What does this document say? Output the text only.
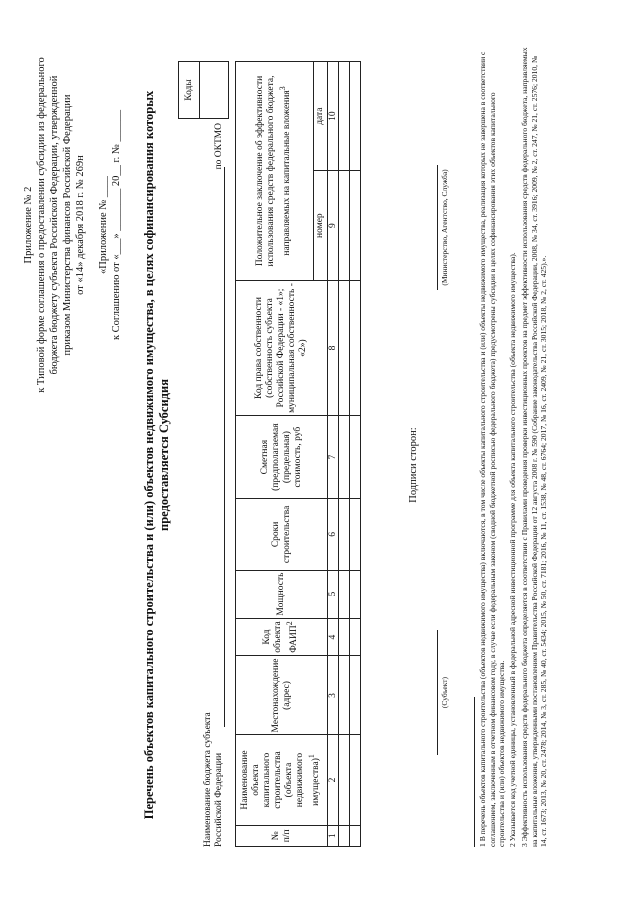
Приложение № 2 к Типовой форме соглашения о предоставлении субсидии из федерального бюджета бюджету субъекта Российской Федерации, утвержденной приказом Министерства финансов Российской Федерации от «14» декабря 2018 г. № 269н «Приложение № ____ к Соглашению от «___» ________ 20__ г. № ______ Перечень объектов капитального строительства и (или) объектов недвижимого имущества, в целях софинансирования которых предоставляется Субсидия
Коды

Наименование бюджета субъекта Российской Федерации
по ОКТМО
№ п/п	Наименование объекта капитального строительства (объекта недвижимого имущества)$^1$	Местонахождение (адрес)	Код объекта ФАИП$^2$	Мощность	Сроки строительства	Сметная (предполагаемая (предельная) стоимость, руб	Код права собственности (собственность субъекта Российской Федерации - «1»; муниципальная собственность - «2»)	Положительное заключение об эффективности использования средств федерального бюджета, направляемых на капитальные вложения$^3$
								номер	дата
1	2	3	4	5	6	7	8	9	10

Подписи сторон:
(Субъект)
(Министерство, Агентство, Служба)	1 В перечень объектов капитального строительства (объектов недвижимого имущества) включаются, в том числе объекты капитального строительства и (или) объекты недвижимого имущества, реализация которых не завершена в соответствии с соглашением, заключенным в отчетном финансовом году, в случае если федеральным законом (сводной бюджетной росписью федерального бюджета) предусмотрены субсидии в целях софинансирования этих объектов капитального строительства и (или) объектов недвижимого имущества. 2 Указывается код учетной единицы, установленный в федеральной адресной инвестиционной программе для объекта капитального строительства (объекта недвижимого имущества). 3 Эффективность использования средств федерального бюджета определяется в соответствии с Правилами проведения проверки инвестиционных проектов на предмет эффективности использования средств федерального бюджета, направляемых на капитальные вложения, утвержденными постановлением Правительства Российской Федерации от 12 августа 2008 г. № 590 (Собрание законодательства Российской Федерации, 2008, № 34, ст. 3916; 2009, № 2, ст. 247, № 21, ст. 2576; 2010, № 14, ст. 1673; 2013, № 20, ст. 2478; 2014, № 3, ст. 285, № 40, ст. 5434; 2015, № 50, ст. 7181; 2016, № 11, ст. 1538, № 48, ст. 6764; 2017, № 16, ст. 2409, № 21, ст. 3015; 2018, № 2, ст. 425).».
